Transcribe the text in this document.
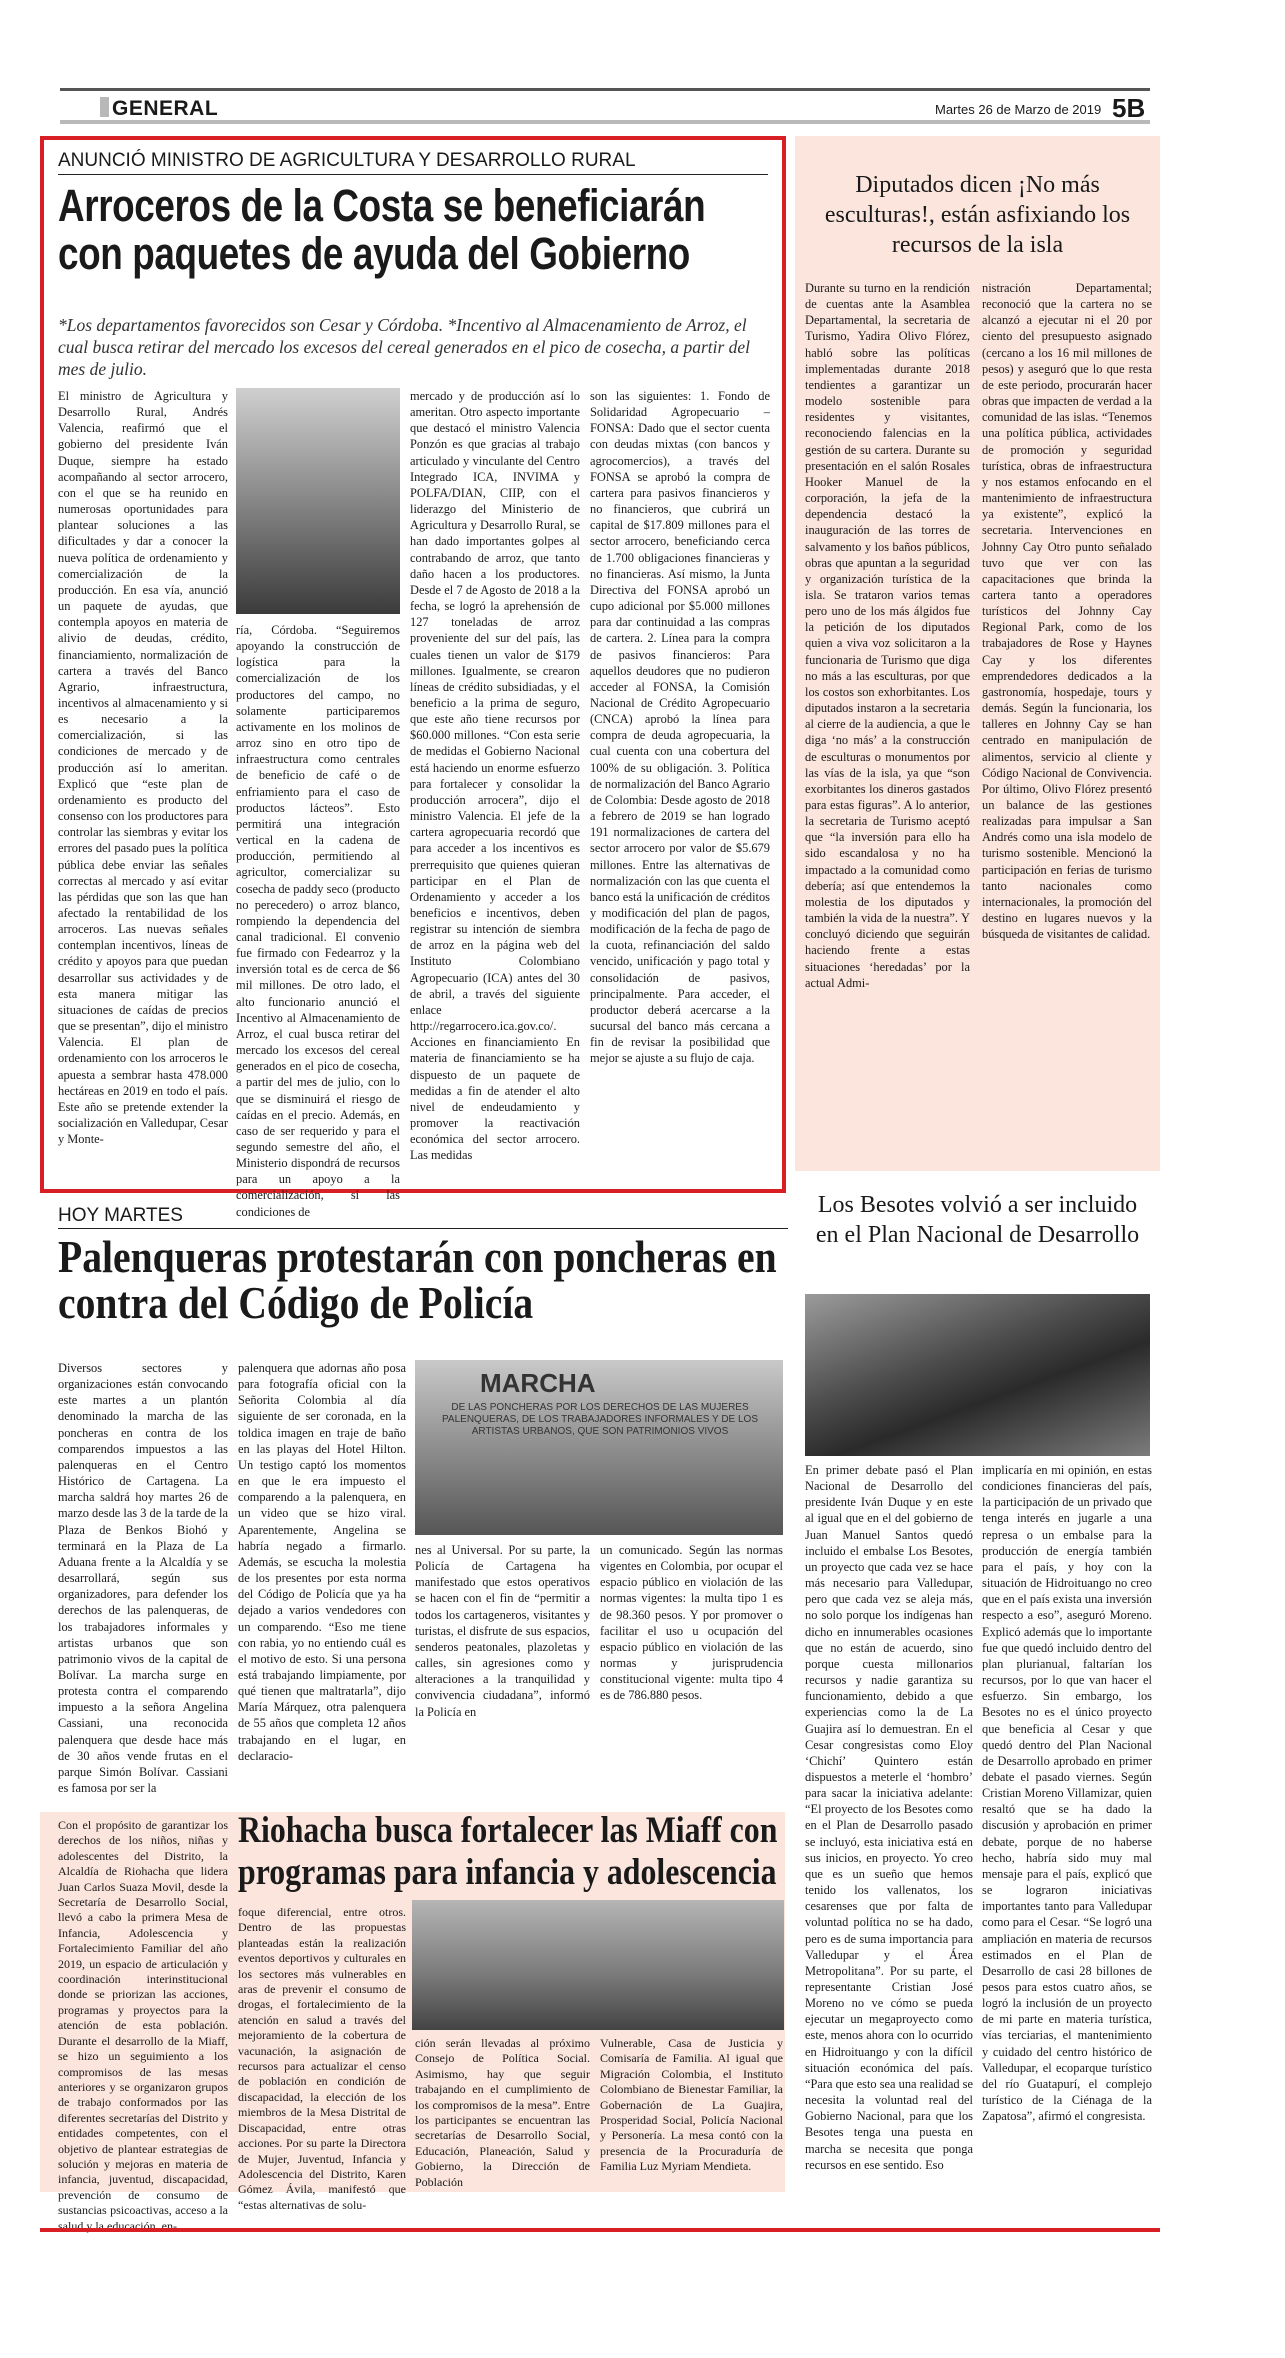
GENERAL	Martes 26 de Marzo de 2019 5B
ANUNCIÓ MINISTRO DE AGRICULTURA Y DESARROLLO RURAL
Arroceros de la Costa se beneficiarán con paquetes de ayuda del Gobierno
*Los departamentos favorecidos son Cesar y Córdoba. *Incentivo al Almacenamiento de Arroz, el cual busca retirar del mercado los excesos del cereal generados en el pico de cosecha, a partir del mes de julio.
El ministro de Agricultura y Desarrollo Rural, Andrés Valencia, reafirmó que el gobierno del presidente Iván Duque, siempre ha estado acompañando al sector arrocero, con el que se ha reunido en numerosas oportunidades para plantear soluciones a las dificultades y dar a conocer la nueva política de ordenamiento y comercialización de la producción. En esa vía, anunció un paquete de ayudas, que contempla apoyos en materia de alivio de deudas, crédito, financiamiento, normalización de cartera a través del Banco Agrario, infraestructura, incentivos al almacenamiento y si es necesario a la comercialización, si las condiciones de mercado y de producción así lo ameritan. Explicó que “este plan de ordenamiento es producto del consenso con los productores para controlar las siembras y evitar los errores del pasado pues la política pública debe enviar las señales correctas al mercado y así evitar las pérdidas que son las que han afectado la rentabilidad de los arroceros. Las nuevas señales contemplan incentivos, líneas de crédito y apoyos para que puedan desarrollar sus actividades y de esta manera mitigar las situaciones de caídas de precios que se presentan”, dijo el ministro Valencia. El plan de ordenamiento con los arroceros le apuesta a sembrar hasta 478.000 hectáreas en 2019 en todo el país. Este año se pretende extender la socialización en Valledupar, Cesar y Monte-
ría, Córdoba. “Seguiremos apoyando la construcción de logística para la comercialización de los productores del campo, no solamente participaremos activamente en los molinos de arroz sino en otro tipo de infraestructura como centrales de beneficio de café o de enfriamiento para el caso de productos lácteos”. Esto permitirá una integración vertical en la cadena de producción, permitiendo al agricultor, comercializar su cosecha de paddy seco (producto no perecedero) o arroz blanco, rompiendo la dependencia del canal tradicional. El convenio fue firmado con Fedearroz y la inversión total es de cerca de $6 mil millones. De otro lado, el alto funcionario anunció el Incentivo al Almacenamiento de Arroz, el cual busca retirar del mercado los excesos del cereal generados en el pico de cosecha, a partir del mes de julio, con lo que se disminuirá el riesgo de caídas en el precio. Además, en caso de ser requerido y para el segundo semestre del año, el Ministerio dispondrá de recursos para un apoyo a la comercialización, si las condiciones de
mercado y de producción así lo ameritan. Otro aspecto importante que destacó el ministro Valencia Ponzón es que gracias al trabajo articulado y vinculante del Centro Integrado ICA, INVIMA y POLFA/DIAN, CIIP, con el liderazgo del Ministerio de Agricultura y Desarrollo Rural, se han dado importantes golpes al contrabando de arroz, que tanto daño hacen a los productores. Desde el 7 de Agosto de 2018 a la fecha, se logró la aprehensión de 127 toneladas de arroz proveniente del sur del país, las cuales tienen un valor de $179 millones. Igualmente, se crearon líneas de crédito subsidiadas, y el beneficio a la prima de seguro, que este año tiene recursos por $60.000 millones. “Con esta serie de medidas el Gobierno Nacional está haciendo un enorme esfuerzo para fortalecer y consolidar la producción arrocera”, dijo el ministro Valencia. El jefe de la cartera agropecuaria recordó que para acceder a los incentivos es prerrequisito que quienes quieran participar en el Plan de Ordenamiento y acceder a los beneficios e incentivos, deben registrar su intención de siembra de arroz en la página web del Instituto Colombiano Agropecuario (ICA) antes del 30 de abril, a través del siguiente enlace http://regarrocero.ica.gov.co/. Acciones en financiamiento En materia de financiamiento se ha dispuesto de un paquete de medidas a fin de atender el alto nivel de endeudamiento y promover la reactivación económica del sector arrocero. Las medidas
son las siguientes: 1. Fondo de Solidaridad Agropecuario – FONSA: Dado que el sector cuenta con deudas mixtas (con bancos y agrocomercios), a través del FONSA se aprobó la compra de cartera para pasivos financieros y no financieros, que cubrirá un capital de $17.809 millones para el sector arrocero, beneficiando cerca de 1.700 obligaciones financieras y no financieras. Así mismo, la Junta Directiva del FONSA aprobó un cupo adicional por $5.000 millones para dar continuidad a las compras de cartera. 2. Línea para la compra de pasivos financieros: Para aquellos deudores que no pudieron acceder al FONSA, la Comisión Nacional de Crédito Agropecuario (CNCA) aprobó la línea para compra de deuda agropecuaria, la cual cuenta con una cobertura del 100% de su obligación. 3. Política de normalización del Banco Agrario de Colombia: Desde agosto de 2018 a febrero de 2019 se han logrado 191 normalizaciones de cartera del sector arrocero por valor de $5.679 millones. Entre las alternativas de normalización con las que cuenta el banco está la unificación de créditos y modificación del plan de pagos, modificación de la fecha de pago de la cuota, refinanciación del saldo vencido, unificación y pago total y consolidación de pasivos, principalmente. Para acceder, el productor deberá acercarse a la sucursal del banco más cercana a fin de revisar la posibilidad que mejor se ajuste a su flujo de caja.
Diputados dicen ¡No más esculturas!, están asfixiando los recursos de la isla
Durante su turno en la rendición de cuentas ante la Asamblea Departamental, la secretaria de Turismo, Yadira Olivo Flórez, habló sobre las políticas implementadas durante 2018 tendientes a garantizar un modelo sostenible para residentes y visitantes, reconociendo falencias en la gestión de su cartera. Durante su presentación en el salón Rosales Hooker Manuel de la corporación, la jefa de la dependencia destacó la inauguración de las torres de salvamento y los baños públicos, obras que apuntan a la seguridad y organización turística de la isla. Se trataron varios temas pero uno de los más álgidos fue la petición de los diputados quien a viva voz solicitaron a la funcionaria de Turismo que diga no más a las esculturas, por que los costos son exhorbitantes. Los diputados instaron a la secretaria al cierre de la audiencia, a que le diga ‘no más’ a la construcción de esculturas o monumentos por las vías de la isla, ya que “son exorbitantes los dineros gastados para estas figuras”. A lo anterior, la secretaria de Turismo aceptó que “la inversión para ello ha sido escandalosa y no ha impactado a la comunidad como debería; así que entendemos la molestia de los diputados y también la vida de la nuestra”. Y concluyó diciendo que seguirán haciendo frente a estas situaciones ‘heredadas’ por la actual Admi-
nistración Departamental; reconoció que la cartera no se alcanzó a ejecutar ni el 20 por ciento del presupuesto asignado (cercano a los 16 mil millones de pesos) y aseguró que lo que resta de este periodo, procurarán hacer obras que impacten de verdad a la comunidad de las islas. “Tenemos una política pública, actividades de promoción y seguridad turística, obras de infraestructura y nos estamos enfocando en el mantenimiento de infraestructura ya existente”, explicó la secretaria. Intervenciones en Johnny Cay Otro punto señalado tuvo que ver con las capacitaciones que brinda la cartera tanto a operadores turísticos del Johnny Cay Regional Park, como de los trabajadores de Rose y Haynes Cay y los diferentes emprendedores dedicados a la gastronomía, hospedaje, tours y demás. Según la funcionaria, los talleres en Johnny Cay se han centrado en manipulación de alimentos, servicio al cliente y Código Nacional de Convivencia. Por último, Olivo Flórez presentó un balance de las gestiones realizadas para impulsar a San Andrés como una isla modelo de turismo sostenible. Mencionó la participación en ferias de turismo tanto nacionales como internacionales, la promoción del destino en lugares nuevos y la búsqueda de visitantes de calidad.
Los Besotes volvió a ser incluido en el Plan Nacional de Desarrollo
En primer debate pasó el Plan Nacional de Desarrollo del presidente Iván Duque y en este al igual que en el del gobierno de Juan Manuel Santos quedó incluido el embalse Los Besotes, un proyecto que cada vez se hace más necesario para Valledupar, pero que cada vez se aleja más, no solo porque los indígenas han dicho en innumerables ocasiones que no están de acuerdo, sino porque cuesta millonarios recursos y nadie garantiza su funcionamiento, debido a que experiencias como la de La Guajira así lo demuestran. En el Cesar congresistas como Eloy ‘Chichí’ Quintero están dispuestos a meterle el ‘hombro’ para sacar la iniciativa adelante: “El proyecto de los Besotes como en el Plan de Desarrollo pasado se incluyó, esta iniciativa está en sus inicios, en proyecto. Yo creo que es un sueño que hemos tenido los vallenatos, los cesarenses que por falta de voluntad política no se ha dado, pero es de suma importancia para Valledupar y el Área Metropolitana”. Por su parte, el representante Cristian José Moreno no ve cómo se pueda ejecutar un megaproyecto como este, menos ahora con lo ocurrido en Hidroituango y con la difícil situación económica del país. “Para que esto sea una realidad se necesita la voluntad real del Gobierno Nacional, para que los Besotes tenga una puesta en marcha se necesita que ponga recursos en ese sentido. Eso
implicaría en mi opinión, en estas condiciones financieras del país, la participación de un privado que tenga interés en jugarle a una represa o un embalse para la producción de energía también para el país, y hoy con la situación de Hidroituango no creo que en el país exista una inversión respecto a eso”, aseguró Moreno. Explicó además que lo importante fue que quedó incluido dentro del plan plurianual, faltarían los recursos, por lo que van hacer el esfuerzo. Sin embargo, los Besotes no es el único proyecto que beneficia al Cesar y que quedó dentro del Plan Nacional de Desarrollo aprobado en primer debate el pasado viernes. Según Cristian Moreno Villamizar, quien resaltó que se ha dado la discusión y aprobación en primer debate, porque de no haberse hecho, habría sido muy mal mensaje para el país, explicó que se lograron iniciativas importantes tanto para Valledupar como para el Cesar. “Se logró una ampliación en materia de recursos estimados en el Plan de Desarrollo de casi 28 billones de pesos para estos cuatro años, se logró la inclusión de un proyecto de mi parte en materia turística, vías terciarias, el mantenimiento y cuidado del centro histórico de Valledupar, el ecoparque turístico del río Guatapurí, el complejo turístico de la Ciénaga de la Zapatosa”, afirmó el congresista.
HOY MARTES
Palenqueras protestarán con poncheras en contra del Código de Policía
MARCHA
DE LAS PONCHERAS POR LOS DERECHOS DE LAS MUJERES PALENQUERAS, DE LOS TRABAJADORES INFORMALES Y DE LOS ARTISTAS URBANOS, QUE SON PATRIMONIOS VIVOS
Diversos sectores y organizaciones están convocando este martes a un plantón denominado la marcha de las poncheras en contra de los comparendos impuestos a las palenqueras en el Centro Histórico de Cartagena. La marcha saldrá hoy martes 26 de marzo desde las 3 de la tarde de la Plaza de Benkos Biohó y terminará en la Plaza de La Aduana frente a la Alcaldía y se desarrollará, según sus organizadores, para defender los derechos de las palenqueras, de los trabajadores informales y artistas urbanos que son patrimonio vivos de la capital de Bolívar. La marcha surge en protesta contra el comparendo impuesto a la señora Angelina Cassiani, una reconocida palenquera que desde hace más de 30 años vende frutas en el parque Simón Bolívar. Cassiani es famosa por ser la
palenquera que adornas año posa para fotografía oficial con la Señorita Colombia al día siguiente de ser coronada, en la toldica imagen en traje de baño en las playas del Hotel Hilton. Un testigo captó los momentos en que le era impuesto el comparendo a la palenquera, en un video que se hizo viral. Aparentemente, Angelina se habría negado a firmarlo. Además, se escucha la molestia de los presentes por esta norma del Código de Policía que ya ha dejado a varios vendedores con un comparendo. “Eso me tiene con rabia, yo no entiendo cuál es el motivo de esto. Si una persona está trabajando limpiamente, por qué tienen que maltratarla”, dijo María Márquez, otra palenquera de 55 años que completa 12 años trabajando en el lugar, en declaracio-
nes al Universal. Por su parte, la Policía de Cartagena ha manifestado que estos operativos se hacen con el fin de “permitir a todos los cartageneros, visitantes y turistas, el disfrute de sus espacios, senderos peatonales, plazoletas y calles, sin agresiones como y alteraciones a la tranquilidad y convivencia ciudadana”, informó la Policía en
un comunicado. Según las normas vigentes en Colombia, por ocupar el espacio público en violación de las normas vigentes: la multa tipo 1 es de 98.360 pesos. Y por promover o facilitar el uso u ocupación del espacio público en violación de las normas y jurisprudencia constitucional vigente: multa tipo 4 es de 786.880 pesos.
Riohacha busca fortalecer las Miaff con programas para infancia y adolescencia
Con el propósito de garantizar los derechos de los niños, niñas y adolescentes del Distrito, la Alcaldía de Riohacha que lidera Juan Carlos Suaza Movil, desde la Secretaría de Desarrollo Social, llevó a cabo la primera Mesa de Infancia, Adolescencia y Fortalecimiento Familiar del año 2019, un espacio de articulación y coordinación interinstitucional donde se priorizan las acciones, programas y proyectos para la atención de esta población. Durante el desarrollo de la Miaff, se hizo un seguimiento a los compromisos de las mesas anteriores y se organizaron grupos de trabajo conformados por las diferentes secretarías del Distrito y entidades competentes, con el objetivo de plantear estrategias de solución y mejoras en materia de infancia, juventud, discapacidad, prevención de consumo de sustancias psicoactivas, acceso a la salud y la educación, en-
foque diferencial, entre otros. Dentro de las propuestas planteadas están la realización eventos deportivos y culturales en los sectores más vulnerables en aras de prevenir el consumo de drogas, el fortalecimiento de la atención en salud a través del mejoramiento de la cobertura de vacunación, la asignación de recursos para actualizar el censo de población en condición de discapacidad, la elección de los miembros de la Mesa Distrital de Discapacidad, entre otras acciones. Por su parte la Directora de Mujer, Juventud, Infancia y Adolescencia del Distrito, Karen Gómez Ávila, manifestó que “estas alternativas de solu-
ción serán llevadas al próximo Consejo de Política Social. Asimismo, hay que seguir trabajando en el cumplimiento de los compromisos de la mesa”. Entre los participantes se encuentran las secretarías de Desarrollo Social, Educación, Planeación, Salud y Gobierno, la Dirección de Población
Vulnerable, Casa de Justicia y Comisaría de Familia. Al igual que Migración Colombia, el Instituto Colombiano de Bienestar Familiar, la Gobernación de La Guajira, Prosperidad Social, Policía Nacional y Personería. La mesa contó con la presencia de la Procuraduría de Familia Luz Myriam Mendieta.
